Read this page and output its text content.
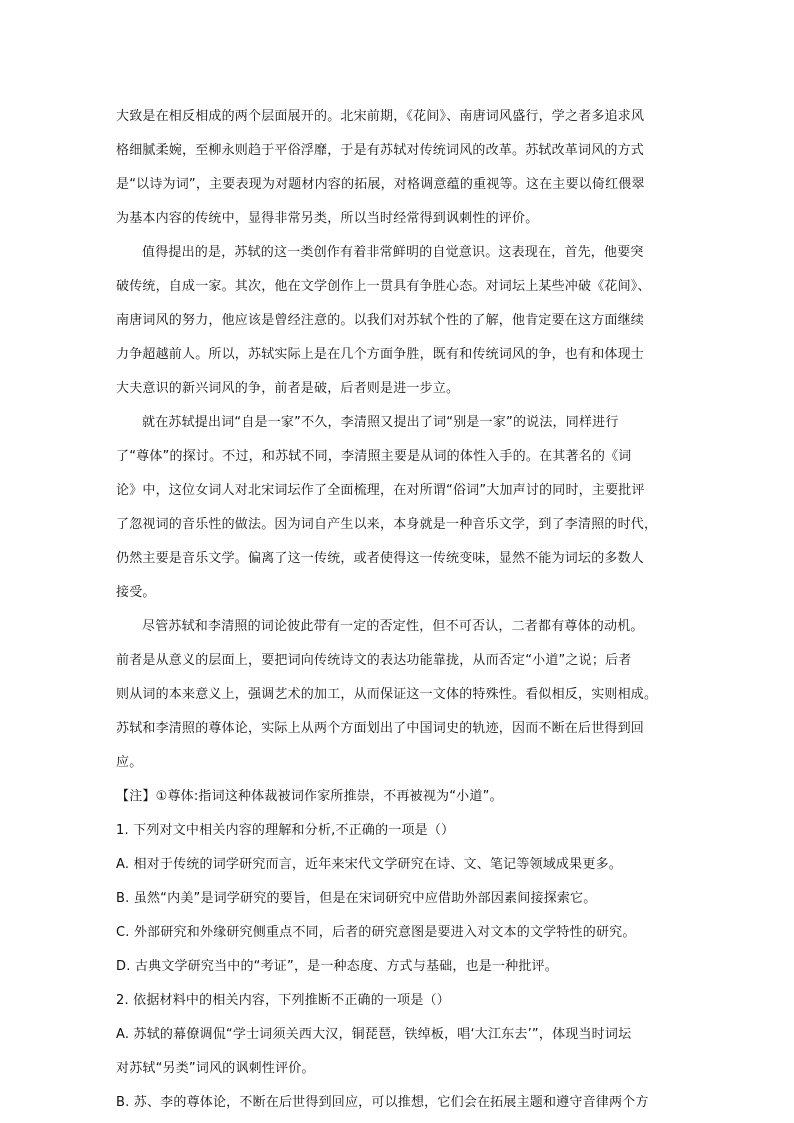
大致是在相反相成的两个层面展开的。北宋前期，《花间》、南唐词风盛行，学之者多追求风
格细腻柔婉，至柳永则趋于平俗浮靡，于是有苏轼对传统词风的改革。苏轼改革词风的方式
是“以诗为词”，主要表现为对题材内容的拓展，对格调意蕴的重视等。这在主要以倚红偎翠
为基本内容的传统中，显得非常另类，所以当时经常得到讽刺性的评价。
值得提出的是，苏轼的这一类创作有着非常鲜明的自觉意识。这表现在，首先，他要突
破传统，自成一家。其次，他在文学创作上一贯具有争胜心态。对词坛上某些冲破《花间》、
南唐词风的努力，他应该是曾经注意的。以我们对苏轼个性的了解，他肯定要在这方面继续
力争超越前人。所以，苏轼实际上是在几个方面争胜，既有和传统词风的争，也有和体现士
大夫意识的新兴词风的争，前者是破，后者则是进一步立。
就在苏轼提出词“自是一家”不久，李清照又提出了词“别是一家”的说法，同样进行
了“尊体”的探讨。不过，和苏轼不同，李清照主要是从词的体性入手的。在其著名的《词
论》中，这位女词人对北宋词坛作了全面梳理，在对所谓“俗词”大加声讨的同时，主要批评
了忽视词的音乐性的做法。因为词自产生以来，本身就是一种音乐文学，到了李清照的时代，
仍然主要是音乐文学。偏离了这一传统，或者使得这一传统变味，显然不能为词坛的多数人
接受。
尽管苏轼和李清照的词论彼此带有一定的否定性，但不可否认，二者都有尊体的动机。
前者是从意义的层面上，要把词向传统诗文的表达功能靠拢，从而否定“小道”之说；后者
则从词的本来意义上，强调艺术的加工，从而保证这一文体的特殊性。看似相反，实则相成。
苏轼和李清照的尊体论，实际上从两个方面划出了中国词史的轨迹，因而不断在后世得到回
应。
【注】①尊体:指词这种体裁被词作家所推崇，不再被视为“小道”。
1. 下列对文中相关内容的理解和分析,不正确的一项是（）
A. 相对于传统的词学研究而言，近年来宋代文学研究在诗、文、笔记等领域成果更多。
B. 虽然“内美”是词学研究的要旨，但是在宋词研究中应借助外部因素间接探索它。
C. 外部研究和外缘研究侧重点不同，后者的研究意图是要进入对文本的文学特性的研究。
D. 古典文学研究当中的“考证”，是一种态度、方式与基础，也是一种批评。
2. 依据材料中的相关内容，下列推断不正确的一项是（）
A. 苏轼的幕僚调侃“学士词须关西大汉，铜琵琶，铁绰板，唱‘大江东去’”，体现当时词坛
对苏轼“另类”词风的讽刺性评价。
B. 苏、李的尊体论，不断在后世得到回应，可以推想，它们会在拓展主题和遵守音律两个方
